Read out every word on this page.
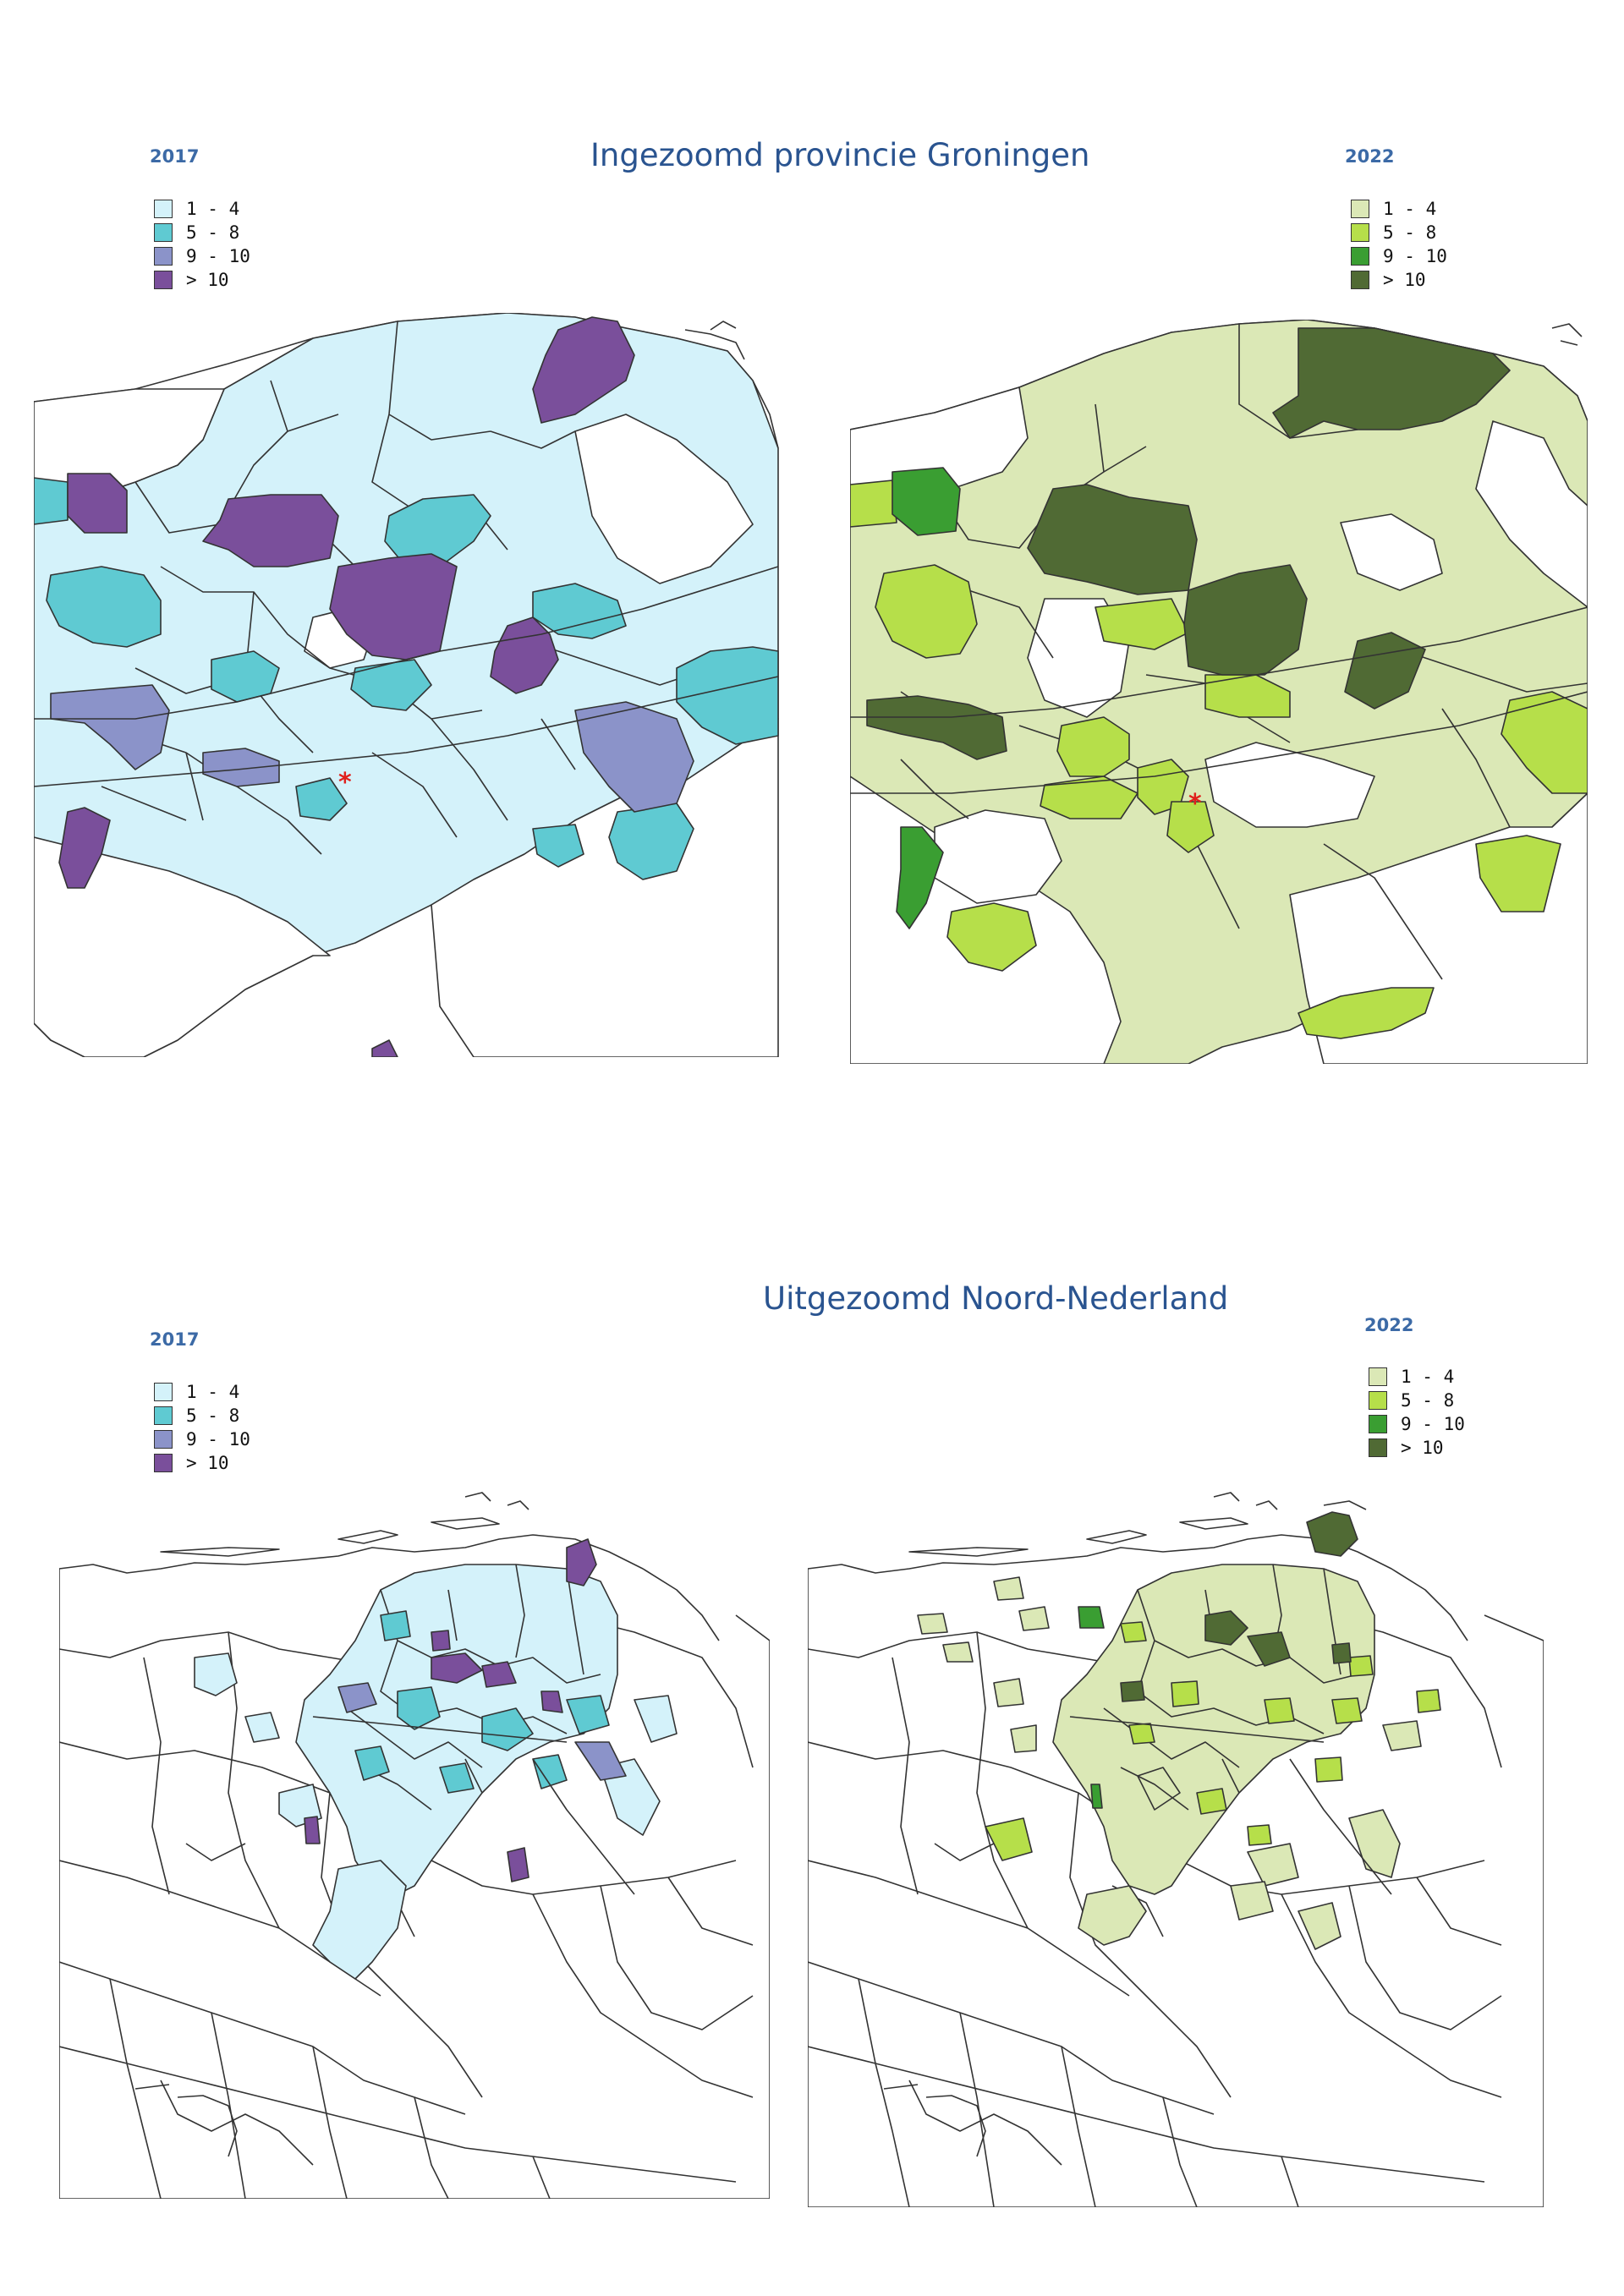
Ingezoomd provincie Groningen
2017
1 - 4
5 - 8
9 - 10
> 10
2022
1 - 4
5 - 8
9 - 10
> 10
*
*
Uitgezoomd Noord-Nederland
2017
1 - 4
5 - 8
9 - 10
> 10
2022
1 - 4
5 - 8
9 - 10
> 10
